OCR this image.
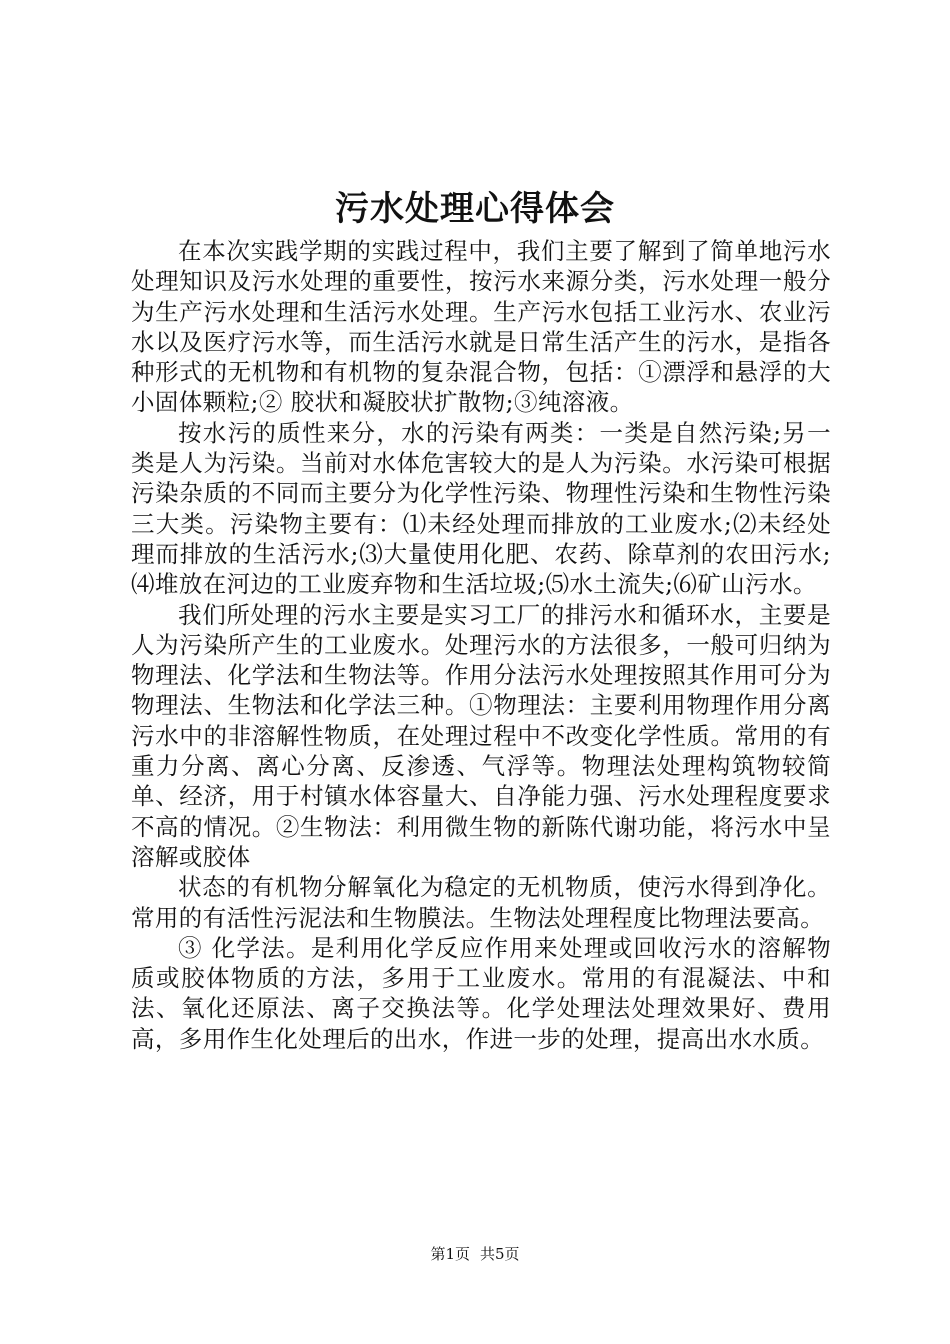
污水处理心得体会

在本次实践学期的实践过程中，我们主要了解到了简单地污水处理知识及污水处理的重要性，按污水来源分类，污水处理一般分为生产污水处理和生活污水处理。生产污水包括工业污水、农业污水以及医疗污水等，而生活污水就是日常生活产生的污水，是指各种形式的无机物和有机物的复杂混合物，包括：①漂浮和悬浮的大小固体颗粒;② 胶状和凝胶状扩散物;③纯溶液。

按水污的质性来分，水的污染有两类：一类是自然污染;另一类是人为污染。当前对水体危害较大的是人为污染。水污染可根据污染杂质的不同而主要分为化学性污染、物理性污染和生物性污染三大类。污染物主要有：⑴未经处理而排放的工业废水;⑵未经处理而排放的生活污水;⑶大量使用化肥、农药、除草剂的农田污水;⑷堆放在河边的工业废弃物和生活垃圾;⑸水土流失;⑹矿山污水。

我们所处理的污水主要是实习工厂的排污水和循环水，主要是人为污染所产生的工业废水。处理污水的方法很多，一般可归纳为物理法、化学法和生物法等。作用分法污水处理按照其作用可分为物理法、生物法和化学法三种。①物理法：主要利用物理作用分离污水中的非溶解性物质，在处理过程中不改变化学性质。常用的有重力分离、离心分离、反渗透、气浮等。物理法处理构筑物较简单、经济，用于村镇水体容量大、自净能力强、污水处理程度要求不高的情况。②生物法：利用微生物的新陈代谢功能，将污水中呈溶解或胶体

状态的有机物分解氧化为稳定的无机物质，使污水得到净化。常用的有活性污泥法和生物膜法。生物法处理程度比物理法要高。

③ 化学法。是利用化学反应作用来处理或回收污水的溶解物质或胶体物质的方法，多用于工业废水。常用的有混凝法、中和法、氧化还原法、离子交换法等。化学处理法处理效果好、费用高，多用作生化处理后的出水，作进一步的处理，提高出水水质。

第1页 共5页
